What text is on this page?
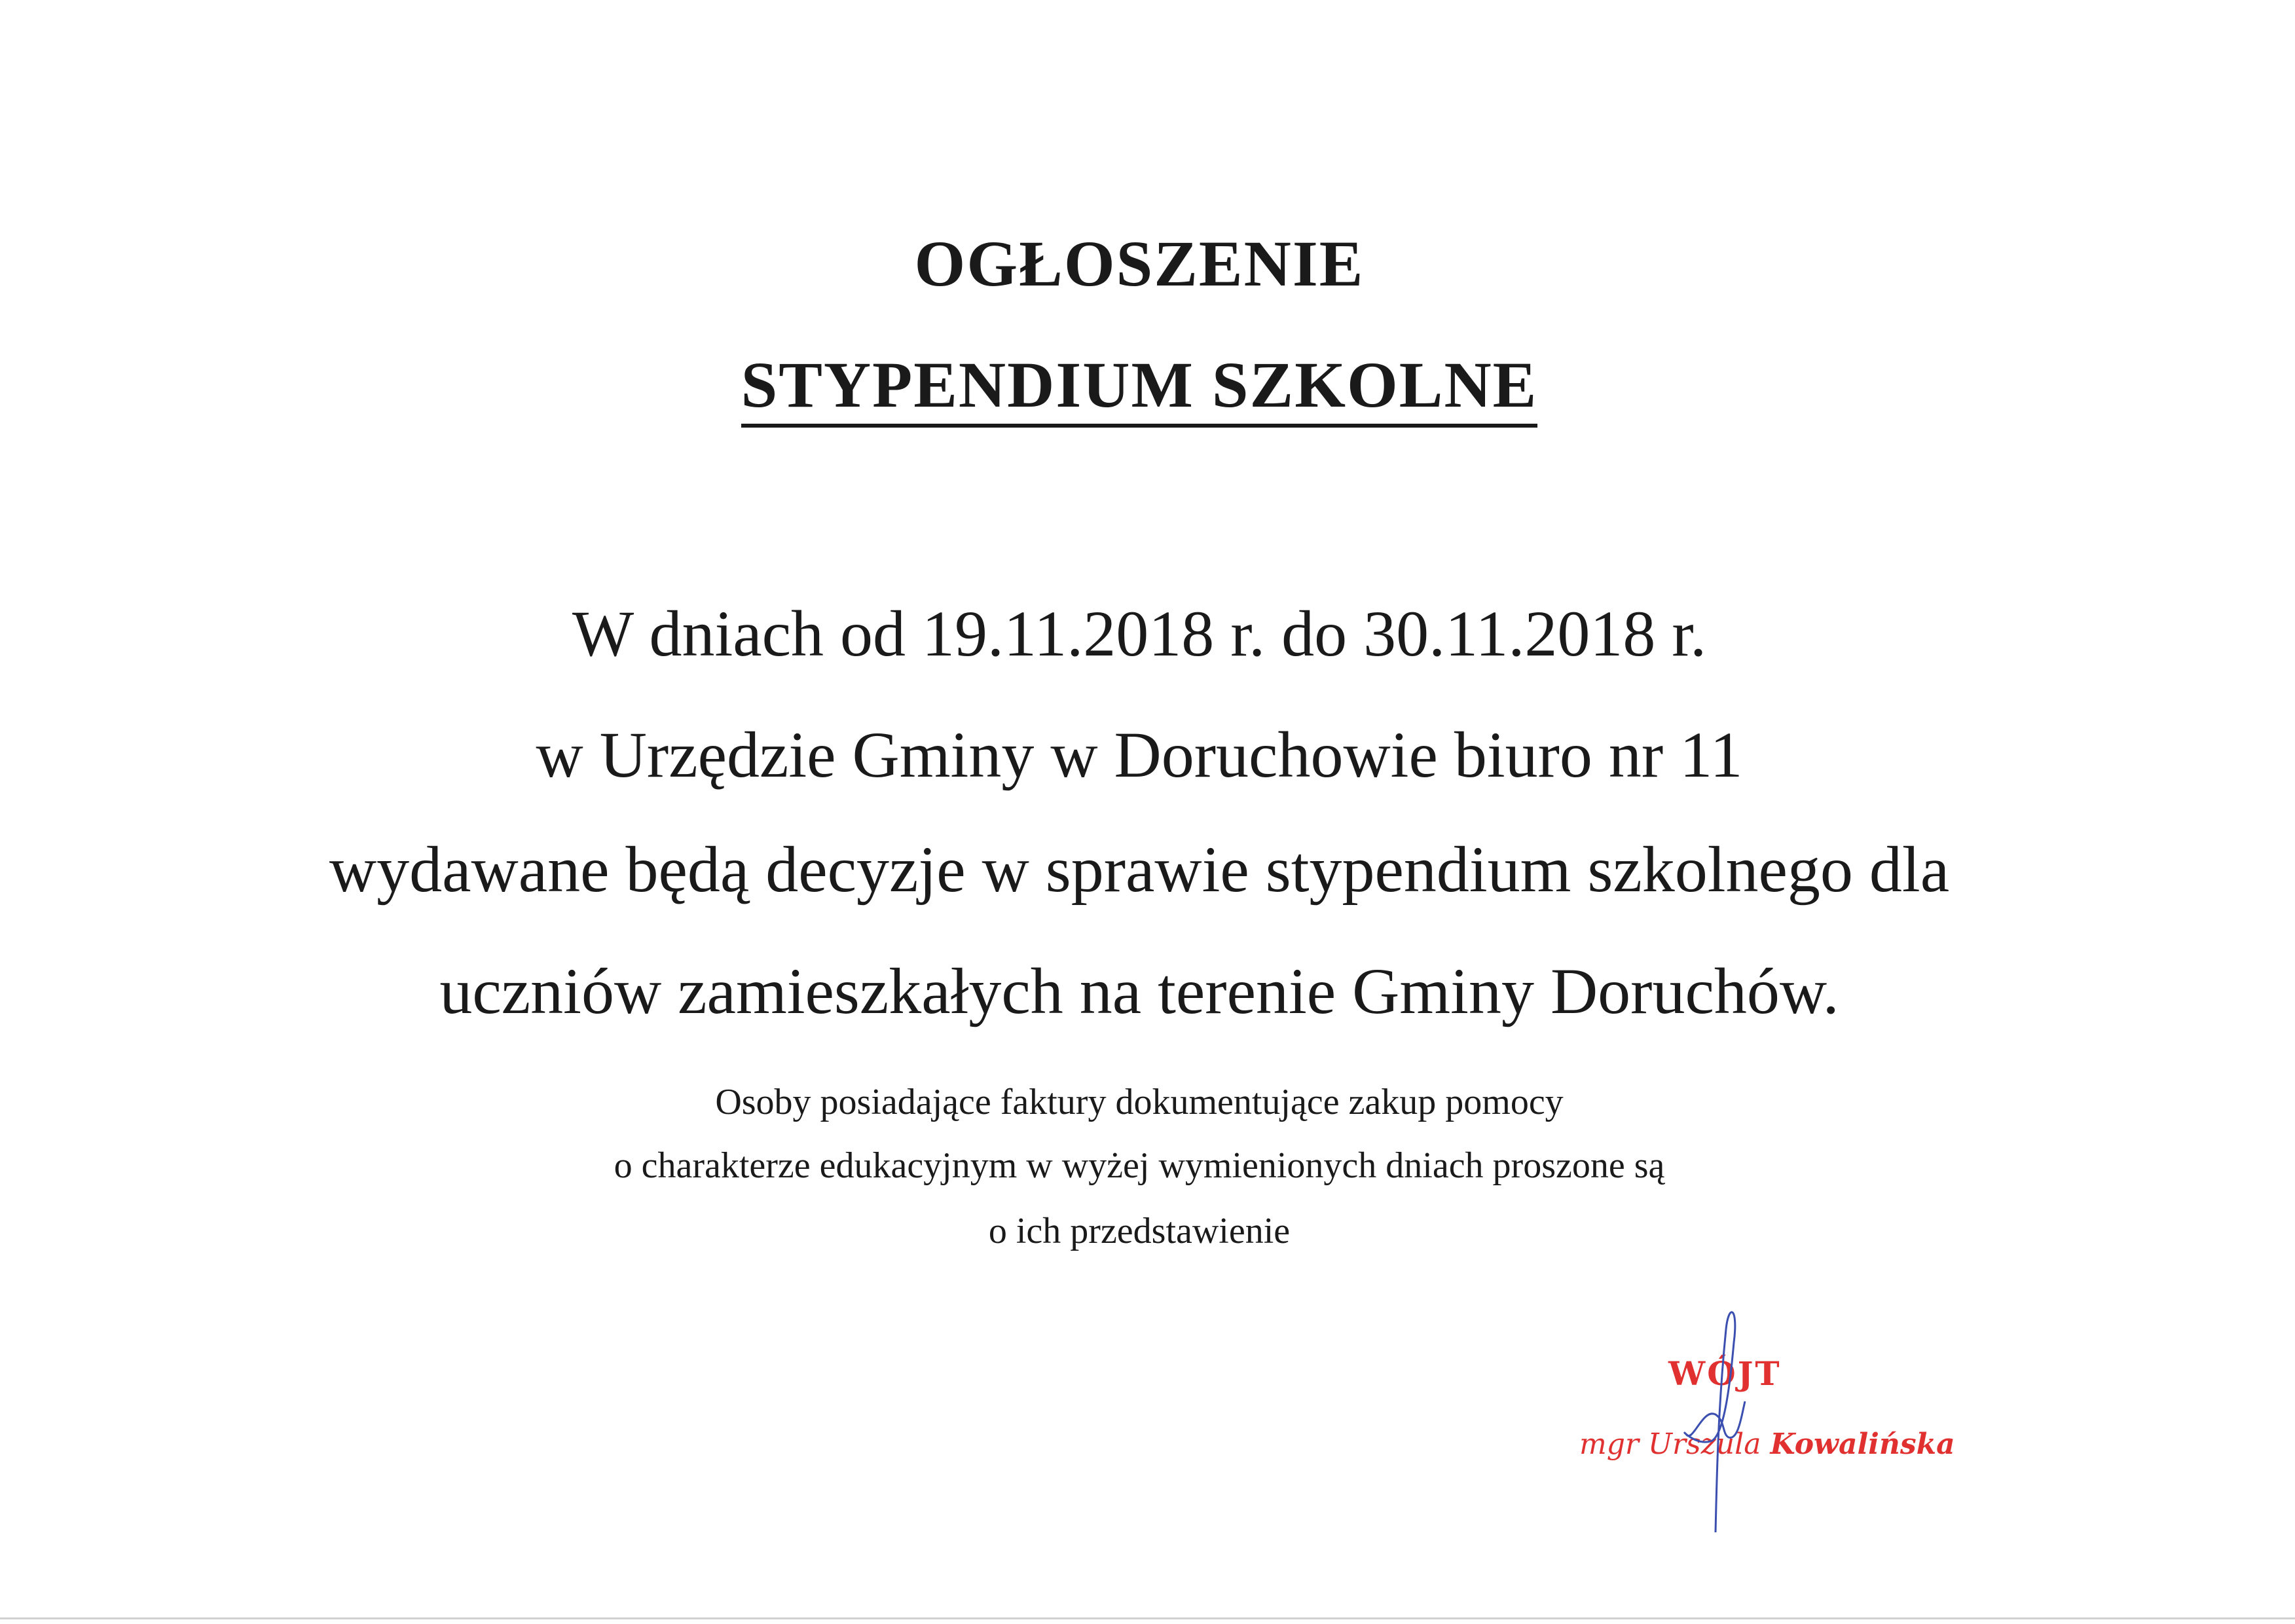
OGŁOSZENIE
STYPENDIUM SZKOLNE
W dniach od 19.11.2018 r. do 30.11.2018 r.
w Urzędzie Gminy w Doruchowie biuro nr 11
wydawane będą decyzje w sprawie stypendium szkolnego dla
uczniów zamieszkałych na terenie Gminy Doruchów.
Osoby posiadające faktury dokumentujące zakup pomocy
o charakterze edukacyjnym w wyżej wymienionych dniach proszone są
o ich przedstawienie
WÓJT
mgr Urszula Kowalińska
